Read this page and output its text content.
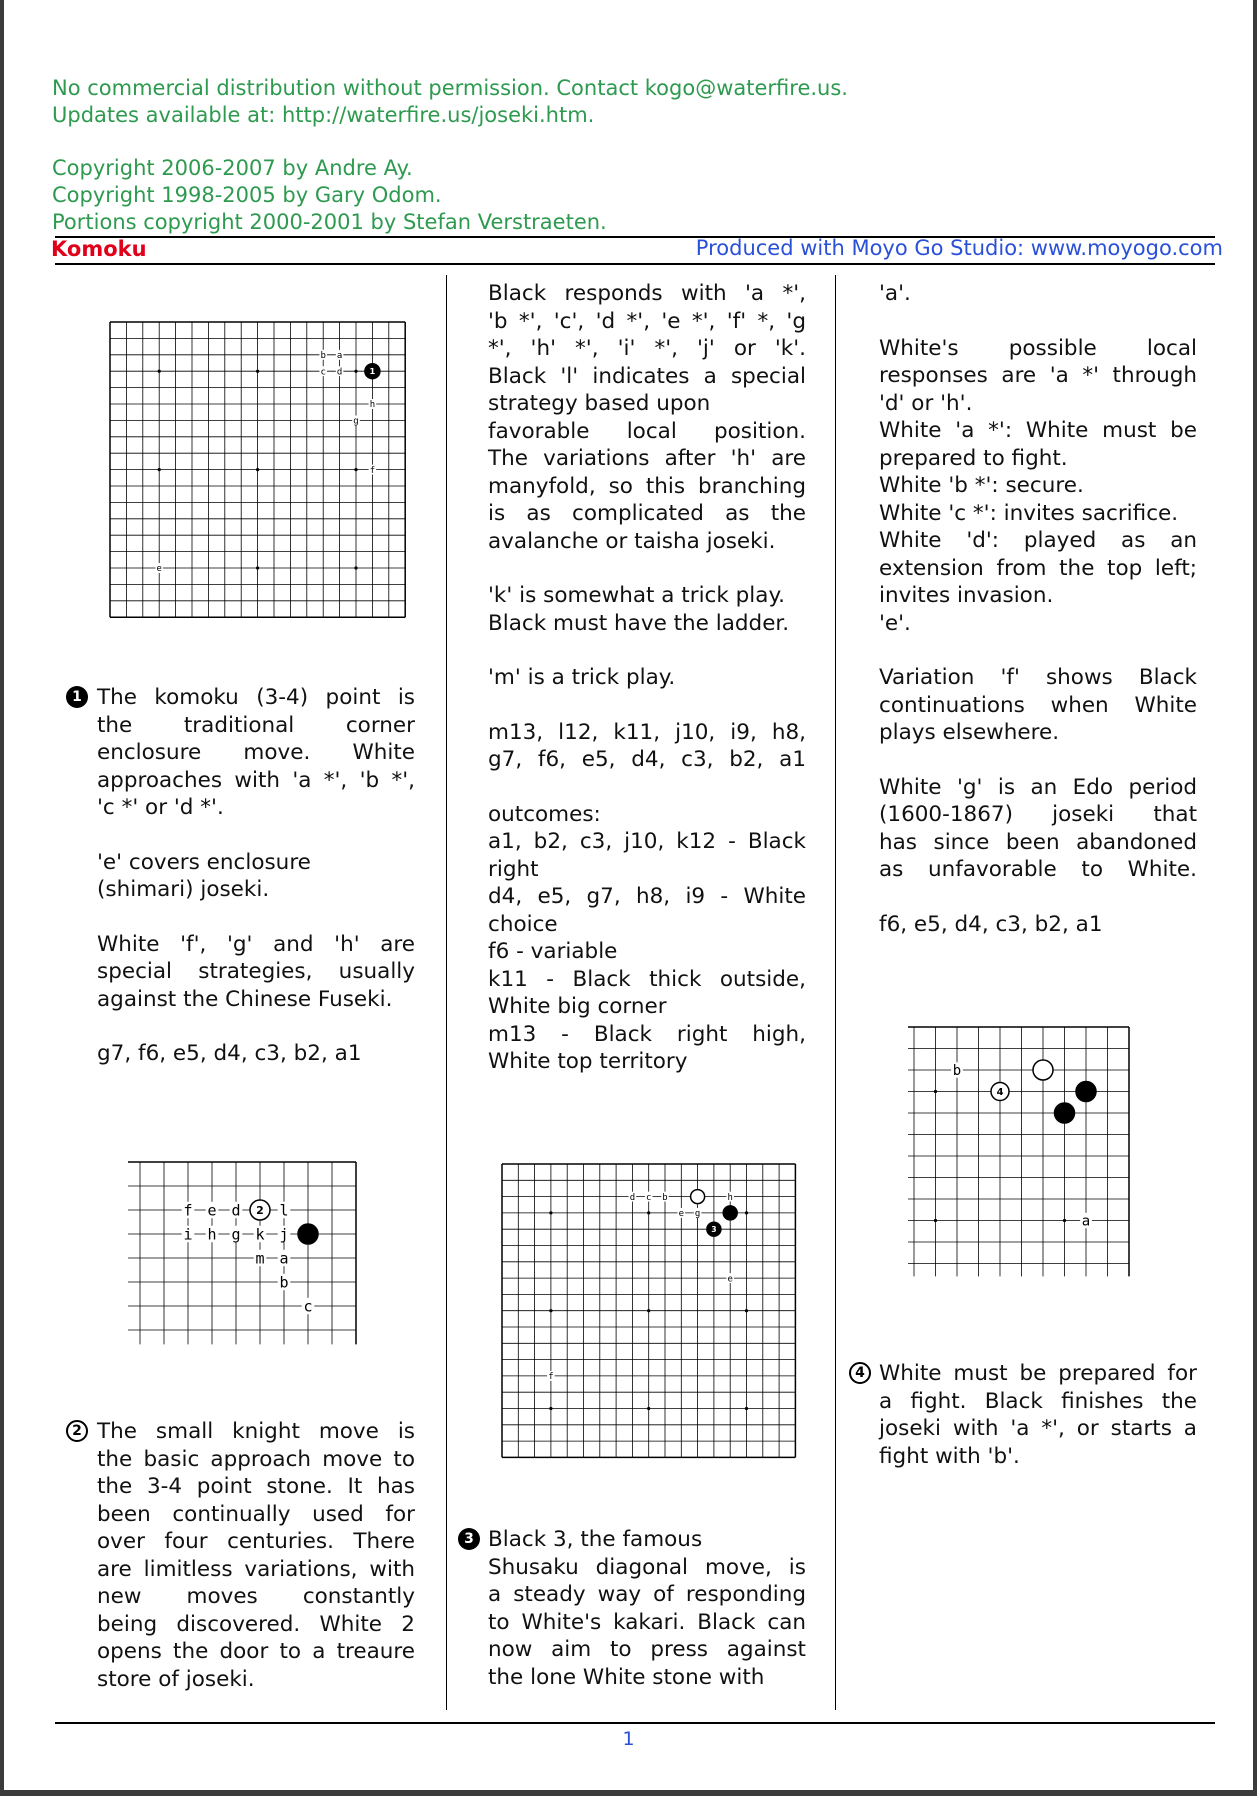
No commercial distribution without permission. Contact kogo@waterfire.us.
Updates available at: http://waterfire.us/joseki.htm.
Copyright 2006-2007 by Andre Ay.
Copyright 1998-2005 by Gary Odom.
Portions copyright 2000-2001 by Stefan Verstraeten.
Komoku	Produced with Moyo Go Studio: www.moyogo.com
b a
c d
h
g
f
e
1
1 The komoku (3-4) point is
the traditional corner
enclosure move. White
approaches with 'a *', 'b *',
'c *' or 'd *'.
'e' covers enclosure
(shimari) joseki.
White 'f', 'g' and 'h' are
special strategies, usually
against the Chinese Fuseki.
g7, f6, e5, d4, c3, b2, a1
f e d 2 l
i h g k j
m a
b
c
2 The small knight move is
the basic approach move to
the 3-4 point stone. It has
been continually used for
over four centuries. There
are limitless variations, with
new moves constantly
being discovered. White 2
opens the door to a treaure
store of joseki.
Black responds with 'a *',
'b *', 'c', 'd *', 'e *', 'f' *, 'g
*', 'h' *', 'i' *', 'j' or 'k'.
Black 'l' indicates a special
strategy based upon
favorable local position.
The variations after 'h' are
manyfold, so this branching
is as complicated as the
avalanche or taisha joseki.
'k' is somewhat a trick play.
Black must have the ladder.
'm' is a trick play.
m13, l12, k11, j10, i9, h8,
g7, f6, e5, d4, c3, b2, a1
outcomes:
a1, b2, c3, j10, k12 - Black
right
d4, e5, g7, h8, i9 - White
choice
f6 - variable
k11 - Black thick outside,
White big corner
m13 - Black right high,
White top territory
d c b
e g
h
3
e
f
3 Black 3, the famous
Shusaku diagonal move, is
a steady way of responding
to White's kakari. Black can
now aim to press against
the lone White stone with
'a'.
White's possible local
responses are 'a *' through
'd' or 'h'.
White 'a *': White must be
prepared to fight.
White 'b *': secure.
White 'c *': invites sacrifice.
White 'd': played as an
extension from the top left;
invites invasion.
'e'.
Variation 'f' shows Black
continuations when White
plays elsewhere.
White 'g' is an Edo period
(1600-1867) joseki that
has since been abandoned
as unfavorable to White.
f6, e5, d4, c3, b2, a1
b
4
a
4 White must be prepared for
a fight. Black finishes the
joseki with 'a *', or starts a
fight with 'b'.
1
